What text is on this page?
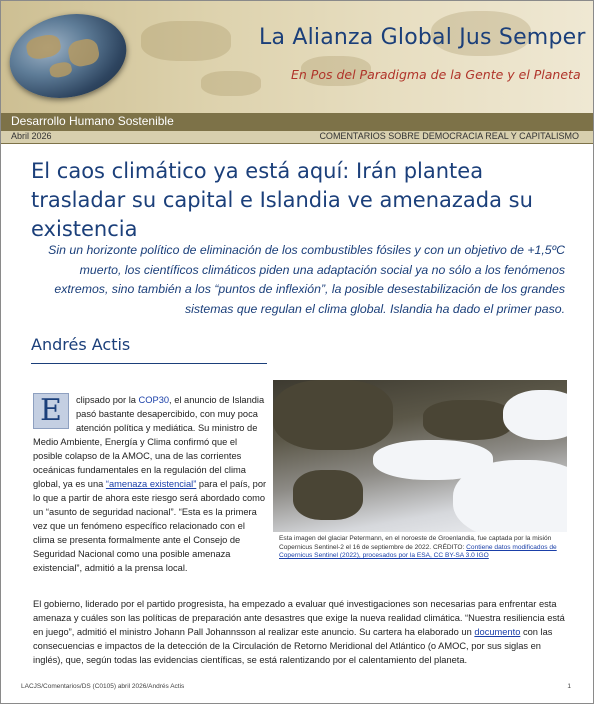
La Alianza Global Jus Semper
En Pos del Paradigma de la Gente y el Planeta
Desarrollo Humano Sostenible
Abril 2026	COMENTARIOS SOBRE DEMOCRACIA REAL Y CAPITALISMO
El caos climático ya está aquí: Irán plantea trasladar su capital e Islandia ve amenazada su existencia
Sin un horizonte político de eliminación de los combustibles fósiles y con un objetivo de +1,5ºC muerto, los científicos climáticos piden una adaptación social ya no sólo a los fenómenos extremos, sino también a los “puntos de inflexión”, la posible desestabilización de los grandes sistemas que regulan el clima global. Islandia ha dado el primer paso.
Andrés Actis
E	clipsado por la COP30, el anuncio de Islandia pasó bastante desapercibido, con muy poca atención política y mediática. Su ministro de Medio Ambiente, Energía y Clima confirmó que el posible colapso de la AMOC, una de las corrientes oceánicas fundamentales en la regulación del clima global, ya es una “amenaza existencial” para el país, por lo que a partir de ahora este riesgo será abordado como un “asunto de seguridad nacional”. “Esta es la primera vez que un fenómeno específico relacionado con el clima se presenta formalmente ante el Consejo de Seguridad Nacional como una posible amenaza existencial”, admitió a la prensa local.
Esta imagen del glaciar Petermann, en el noroeste de Groenlandia, fue captada por la misión Copernicus Sentinel-2 el 16 de septiembre de 2022. CRÉDITO: Contiene datos modificados de Copernicus Sentinel (2022), procesados por la ESA, CC BY-SA 3.0 IGO
El gobierno, liderado por el partido progresista, ha empezado a evaluar qué investigaciones son necesarias para enfrentar esta amenaza y cuáles son las políticas de preparación ante desastres que exige la nueva realidad climática. “Nuestra resiliencia está en juego”, admitió el ministro Johann Pall Johannsson al realizar este anuncio. Su cartera ha elaborado un documento con las consecuencias e impactos de la detección de la Circulación de Retorno Meridional del Atlántico (o AMOC, por sus siglas en inglés), que, según todas las evidencias científicas, se está ralentizando por el calentamiento del planeta.
LACJS/Comentarios/DS (C0105) abril 2026/Andrés Actis	1
